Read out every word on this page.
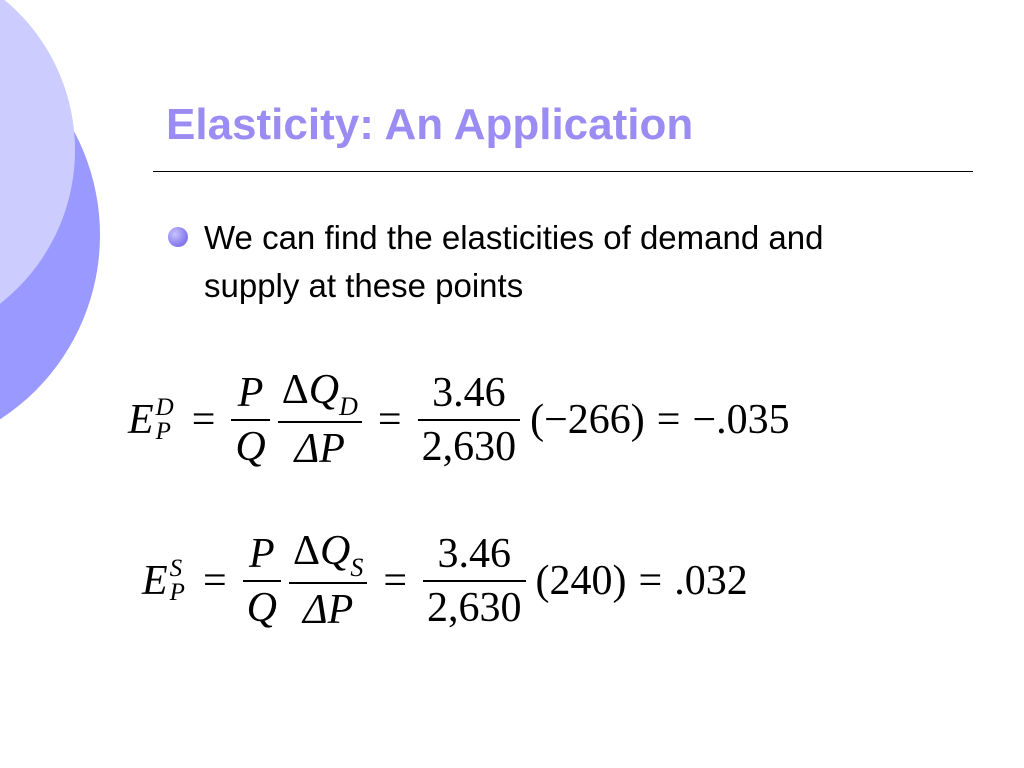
Elasticity: An Application
We can find the elasticities of demand and supply at these points
E D
$P = \frac{P}{Q} \frac{\Delta Q_D}{\Delta P} = \frac{3.46}{2,630} (-266) = -.035$
E S
$P = \frac{P}{Q} \frac{\Delta Q_S}{\Delta P} = \frac{3.46}{2,630} (240) = .032$
